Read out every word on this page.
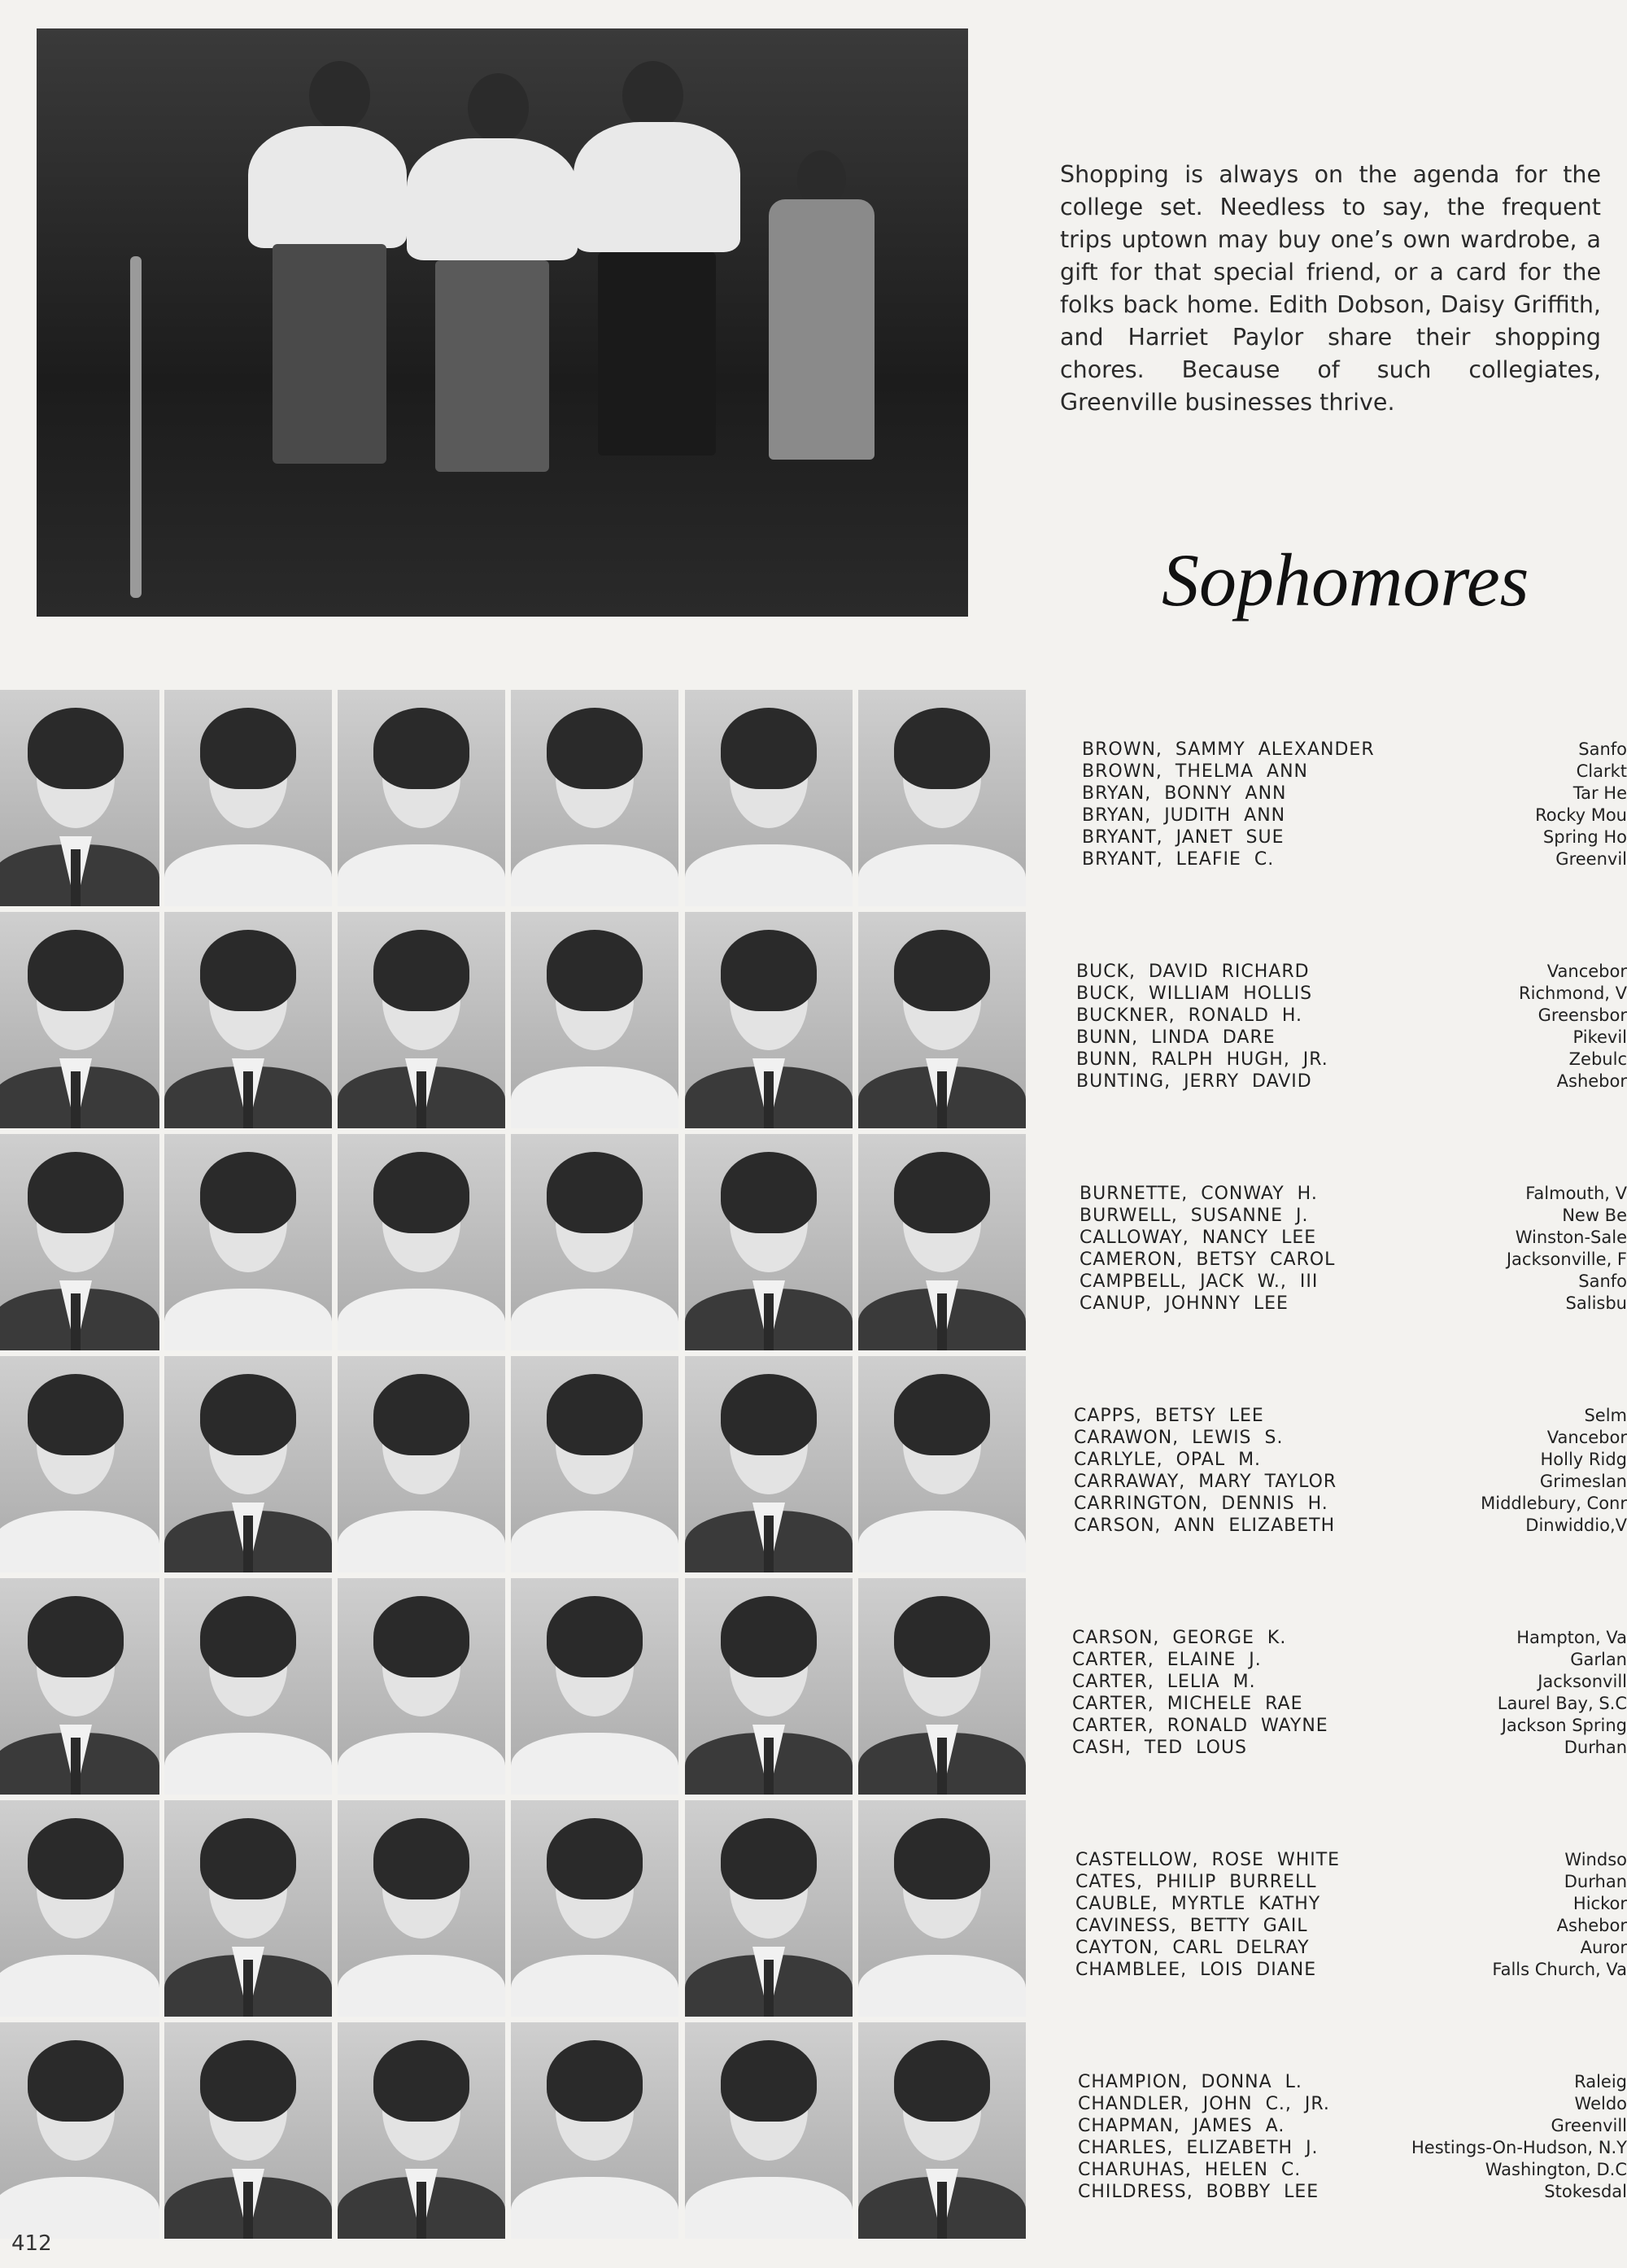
Shopping is always on the agenda for the college set. Needless to say, the frequent trips uptown may buy one’s own wardrobe, a gift for that special friend, or a card for the folks back home. Edith Dobson, Daisy Griffith, and Harriet Paylor share their shopping chores. Because of such collegiates, Greenville businesses thrive.

Sophomores
BROWN,  SAMMY  ALEXANDER
BROWN,  THELMA  ANN
BRYAN,  BONNY  ANN
BRYAN,  JUDITH  ANN
BRYANT,  JANET  SUE
BRYANT,  LEAFIE  C.
Sanfo
Clarkt
Tar He
Rocky Mou
Spring Ho
Greenvil
BUCK,  DAVID  RICHARD
BUCK,  WILLIAM  HOLLIS
BUCKNER,  RONALD  H.
BUNN,  LINDA  DARE
BUNN,  RALPH  HUGH,  JR.
BUNTING,  JERRY  DAVID
Vancebor
Richmond, V
Greensbor
Pikevil
Zebulc
Ashebor
BURNETTE,  CONWAY  H.
BURWELL,  SUSANNE  J.
CALLOWAY,  NANCY  LEE
CAMERON,  BETSY  CAROL
CAMPBELL,  JACK  W.,  III
CANUP,  JOHNNY  LEE
Falmouth, V
New Be
Winston-Sale
Jacksonville, F
Sanfo
Salisbu
CAPPS,  BETSY  LEE
CARAWON,  LEWIS  S.
CARLYLE,  OPAL  M.
CARRAWAY,  MARY  TAYLOR
CARRINGTON,  DENNIS  H.
CARSON,  ANN  ELIZABETH
Selm
Vancebor
Holly Ridg
Grimeslan
Middlebury, Conr
Dinwiddio,V
CARSON,  GEORGE  K.
CARTER,  ELAINE  J.
CARTER,  LELIA  M.
CARTER,  MICHELE  RAE
CARTER,  RONALD  WAYNE
CASH,  TED  LOUS
Hampton, Va
Garlan
Jacksonvill
Laurel Bay, S.C
Jackson Spring
Durhan
CASTELLOW,  ROSE  WHITE
CATES,  PHILIP  BURRELL
CAUBLE,  MYRTLE  KATHY
CAVINESS,  BETTY  GAIL
CAYTON,  CARL  DELRAY
CHAMBLEE,  LOIS  DIANE
Windso
Durhan
Hickor
Ashebor
Auror
Falls Church, Va
CHAMPION,  DONNA  L.
CHANDLER,  JOHN  C.,  JR.
CHAPMAN,  JAMES  A.
CHARLES,  ELIZABETH  J.
CHARUHAS,  HELEN  C.
CHILDRESS,  BOBBY  LEE
Raleig
Weldo
Greenvill
Hestings-On-Hudson, N.Y
Washington, D.C
Stokesdal
412
